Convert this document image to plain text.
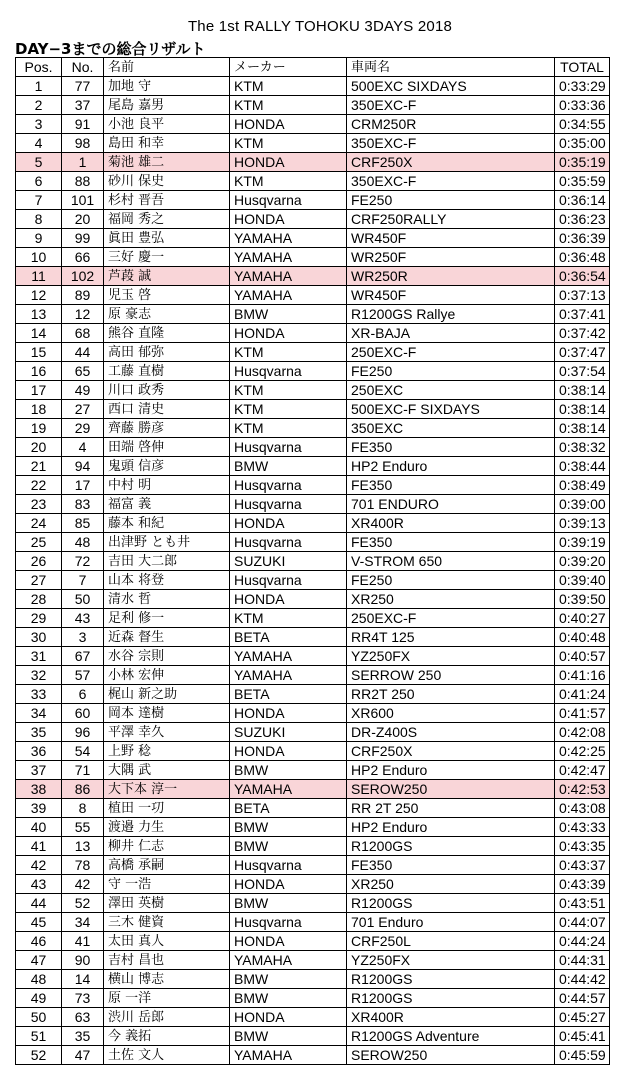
The 1st RALLY TOHOKU 3DAYS 2018
DAY−3までの総合リザルト
Pos.	No.	名前	メーカー	車両名	TOTAL
1	77	加地 守	KTM	500EXC SIXDAYS	0:33:29
2	37	尾島 嘉男	KTM	350EXC-F	0:33:36
3	91	小池 良平	HONDA	CRM250R	0:34:55
4	98	島田 和幸	KTM	350EXC-F	0:35:00
5	1	菊池 雄二	HONDA	CRF250X	0:35:19
6	88	砂川 保史	KTM	350EXC-F	0:35:59
7	101	杉村 晋吾	Husqvarna	FE250	0:36:14
8	20	福岡 秀之	HONDA	CRF250RALLY	0:36:23
9	99	眞田 豊弘	YAMAHA	WR450F	0:36:39
10	66	三好 慶一	YAMAHA	WR250F	0:36:48
11	102	芦葮 誠	YAMAHA	WR250R	0:36:54
12	89	児玉 啓	YAMAHA	WR450F	0:37:13
13	12	原 豪志	BMW	R1200GS Rallye	0:37:41
14	68	熊谷 直隆	HONDA	XR-BAJA	0:37:42
15	44	高田 郁弥	KTM	250EXC-F	0:37:47
16	65	工藤 直樹	Husqvarna	FE250	0:37:54
17	49	川口 政秀	KTM	250EXC	0:38:14
18	27	西口 清史	KTM	500EXC-F SIXDAYS	0:38:14
19	29	齊藤 勝彦	KTM	350EXC	0:38:14
20	4	田端 啓伸	Husqvarna	FE350	0:38:32
21	94	鬼頭 信彦	BMW	HP2 Enduro	0:38:44
22	17	中村 明	Husqvarna	FE350	0:38:49
23	83	福富 義	Husqvarna	701 ENDURO	0:39:00
24	85	藤本 和紀	HONDA	XR400R	0:39:13
25	48	出津野 とも井	Husqvarna	FE350	0:39:19
26	72	吉田 大二郎	SUZUKI	V-STROM 650	0:39:20
27	7	山本 将登	Husqvarna	FE250	0:39:40
28	50	清水 哲	HONDA	XR250	0:39:50
29	43	足利 修一	KTM	250EXC-F	0:40:27
30	3	近森 督生	BETA	RR4T 125	0:40:48
31	67	水谷 宗則	YAMAHA	YZ250FX	0:40:57
32	57	小林 宏伸	YAMAHA	SERROW 250	0:41:16
33	6	梶山 新之助	BETA	RR2T 250	0:41:24
34	60	岡本 達樹	HONDA	XR600	0:41:57
35	96	平澤 幸久	SUZUKI	DR-Z400S	0:42:08
36	54	上野 稔	HONDA	CRF250X	0:42:25
37	71	大隅 武	BMW	HP2 Enduro	0:42:47
38	86	大下本 淳一	YAMAHA	SEROW250	0:42:53
39	8	植田 一㓛	BETA	RR 2T 250	0:43:08
40	55	渡邉 力生	BMW	HP2 Enduro	0:43:33
41	13	柳井 仁志	BMW	R1200GS	0:43:35
42	78	高橋 承嗣	Husqvarna	FE350	0:43:37
43	42	守 一浩	HONDA	XR250	0:43:39
44	52	澤田 英樹	BMW	R1200GS	0:43:51
45	34	三木 健資	Husqvarna	701 Enduro	0:44:07
46	41	太田 真人	HONDA	CRF250L	0:44:24
47	90	吉村 昌也	YAMAHA	YZ250FX	0:44:31
48	14	横山 博志	BMW	R1200GS	0:44:42
49	73	原 一洋	BMW	R1200GS	0:44:57
50	63	渋川 岳郎	HONDA	XR400R	0:45:27
51	35	今 義拓	BMW	R1200GS Adventure	0:45:41
52	47	土佐 文人	YAMAHA	SEROW250	0:45:59
